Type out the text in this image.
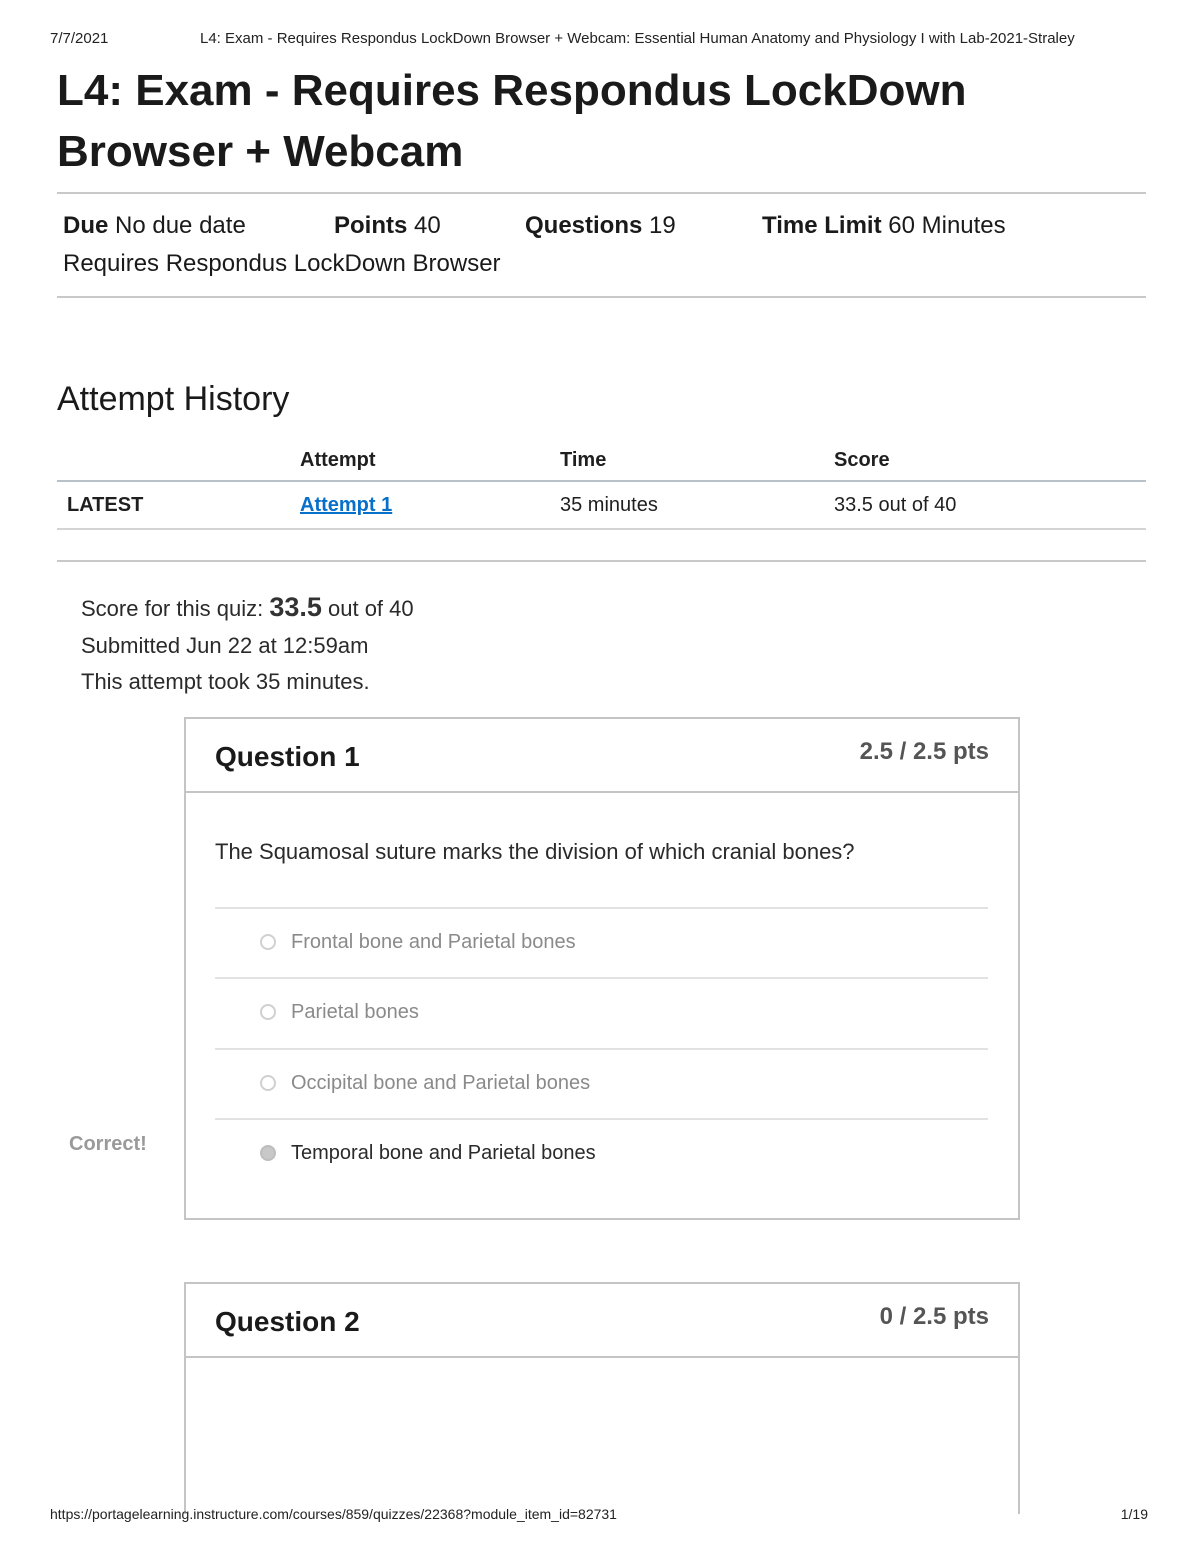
7/7/2021	L4: Exam - Requires Respondus LockDown Browser + Webcam: Essential Human Anatomy and Physiology I with Lab-2021-Straley
L4: Exam - Requires Respondus LockDown Browser + Webcam
Due No due date	Points 40	Questions 19	Time Limit 60 Minutes
Requires Respondus LockDown Browser
Attempt History
	Attempt	Time	Score
LATEST	Attempt 1	35 minutes	33.5 out of 40
Score for this quiz: 33.5 out of 40
Submitted Jun 22 at 12:59am
This attempt took 35 minutes.
Question 1	2.5 / 2.5 pts
The Squamosal suture marks the division of which cranial bones?
Frontal bone and Parietal bones
Parietal bones
Occipital bone and Parietal bones
Temporal bone and Parietal bones
Correct!
Question 2	0 / 2.5 pts
https://portagelearning.instructure.com/courses/859/quizzes/22368?module_item_id=82731	1/19
